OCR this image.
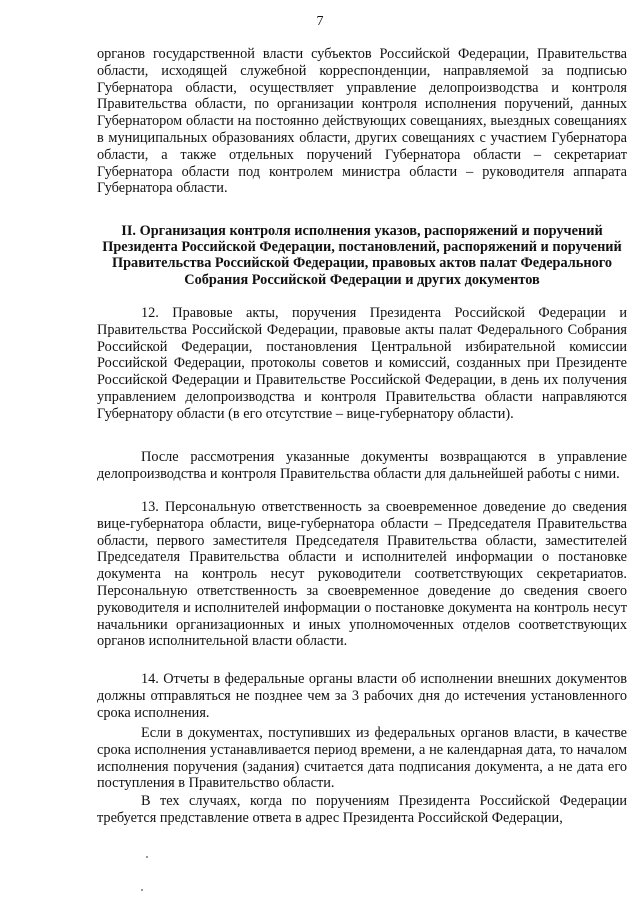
7

органов государственной власти субъектов Российской Федерации, Правительства области, исходящей служебной корреспонденции, направляемой за подписью Губернатора области, осуществляет управление делопроизводства и контроля Правительства области, по организации контроля исполнения поручений, данных Губернатором области на постоянно действующих совещаниях, выездных совещаниях в муниципальных образованиях области, других совещаниях с участием Губернатора области, а также отдельных поручений Губернатора области – секретариат Губернатора области под контролем министра области – руководителя аппарата Губернатора области.

II. Организация контроля исполнения указов, распоряжений и поручений Президента Российской Федерации, постановлений, распоряжений и поручений Правительства Российской Федерации, правовых актов палат Федерального Собрания Российской Федерации и других документов

12. Правовые акты, поручения Президента Российской Федерации и Правительства Российской Федерации, правовые акты палат Федерального Собрания Российской Федерации, постановления Центральной избирательной комиссии Российской Федерации, протоколы советов и комиссий, созданных при Президенте Российской Федерации и Правительстве Российской Федерации, в день их получения управлением делопроизводства и контроля Правительства области направляются Губернатору области (в его отсутствие – вице-губернатору области).

После рассмотрения указанные документы возвращаются в управление делопроизводства и контроля Правительства области для дальнейшей работы с ними.

13. Персональную ответственность за своевременное доведение до сведения вице-губернатора области, вице-губернатора области – Председателя Правительства области, первого заместителя Председателя Правительства области, заместителей Председателя Правительства области и исполнителей информации о постановке документа на контроль несут руководители соответствующих секретариатов. Персональную ответственность за своевременное доведение до сведения своего руководителя и исполнителей информации о постановке документа на контроль несут начальники организационных и иных уполномоченных отделов соответствующих органов исполнительной власти области.

14. Отчеты в федеральные органы власти об исполнении внешних документов должны отправляться не позднее чем за 3 рабочих дня до истечения установленного срока исполнения.

Если в документах, поступивших из федеральных органов власти, в качестве срока исполнения устанавливается период времени, а не календарная дата, то началом исполнения поручения (задания) считается дата подписания документа, а не дата его поступления в Правительство области.

В тех случаях, когда по поручениям Президента Российской Федерации требуется представление ответа в адрес Президента Российской Федерации,
